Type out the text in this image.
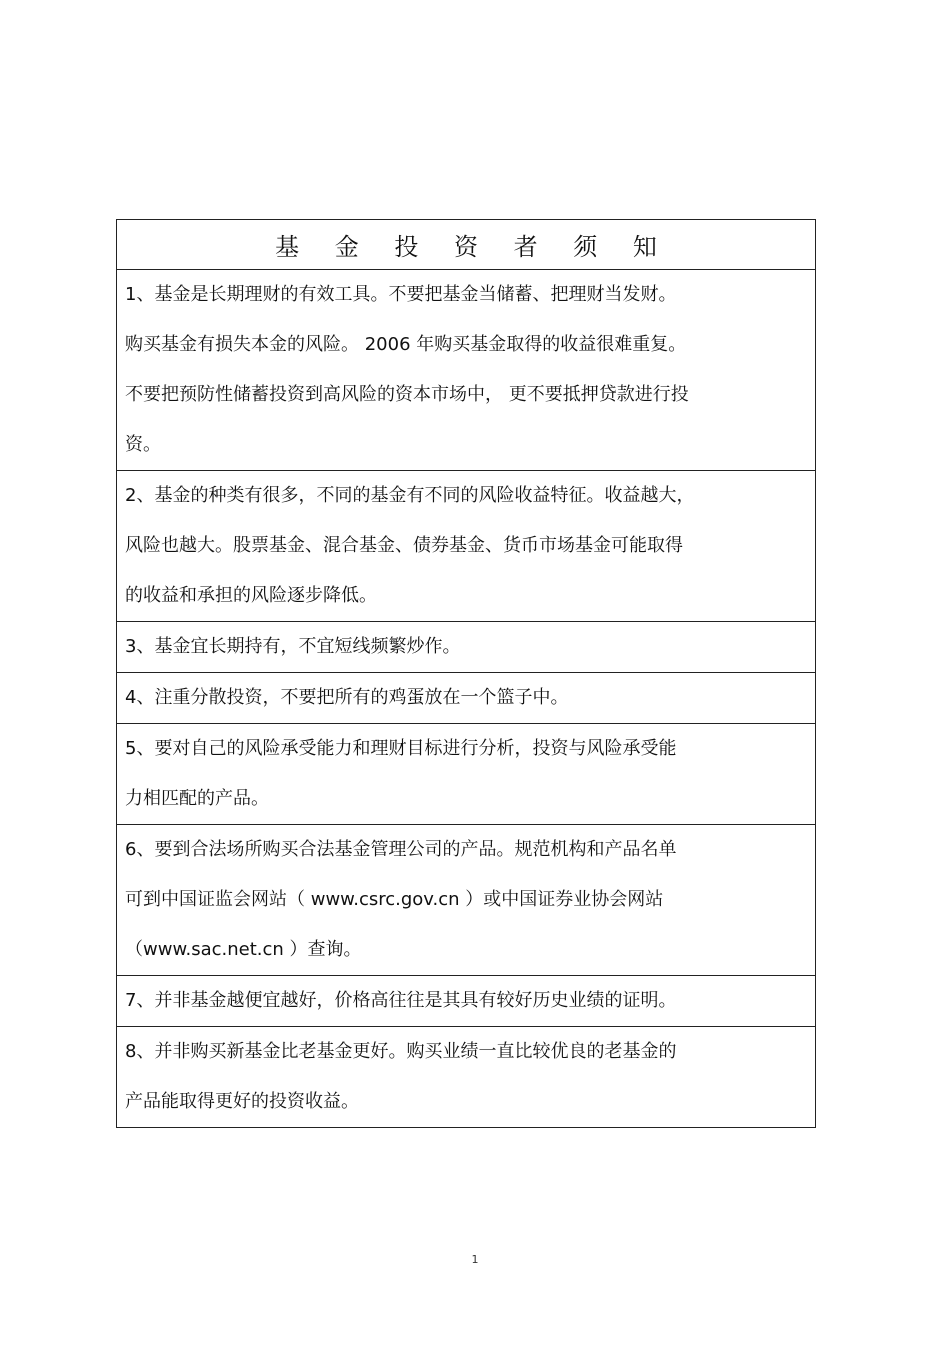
基 金 投 资 者 须 知
1、基金是长期理财的有效工具。不要把基金当储蓄、把理财当发财。
购买基金有损失本金的风险。 2006 年购买基金取得的收益很难重复。
不要把预防性储蓄投资到高风险的资本市场中， 更不要抵押贷款进行投
资。
2、基金的种类有很多，不同的基金有不同的风险收益特征。收益越大，
风险也越大。股票基金、混合基金、债券基金、货币市场基金可能取得
的收益和承担的风险逐步降低。
3、基金宜长期持有，不宜短线频繁炒作。
4、注重分散投资，不要把所有的鸡蛋放在一个篮子中。
5、要对自己的风险承受能力和理财目标进行分析，投资与风险承受能
力相匹配的产品。
6、要到合法场所购买合法基金管理公司的产品。规范机构和产品名单
可到中国证监会网站（ www.csrc.gov.cn ）或中国证券业协会网站
（www.sac.net.cn ）查询。
7、并非基金越便宜越好，价格高往往是其具有较好历史业绩的证明。
8、并非购买新基金比老基金更好。购买业绩一直比较优良的老基金的
产品能取得更好的投资收益。
1
